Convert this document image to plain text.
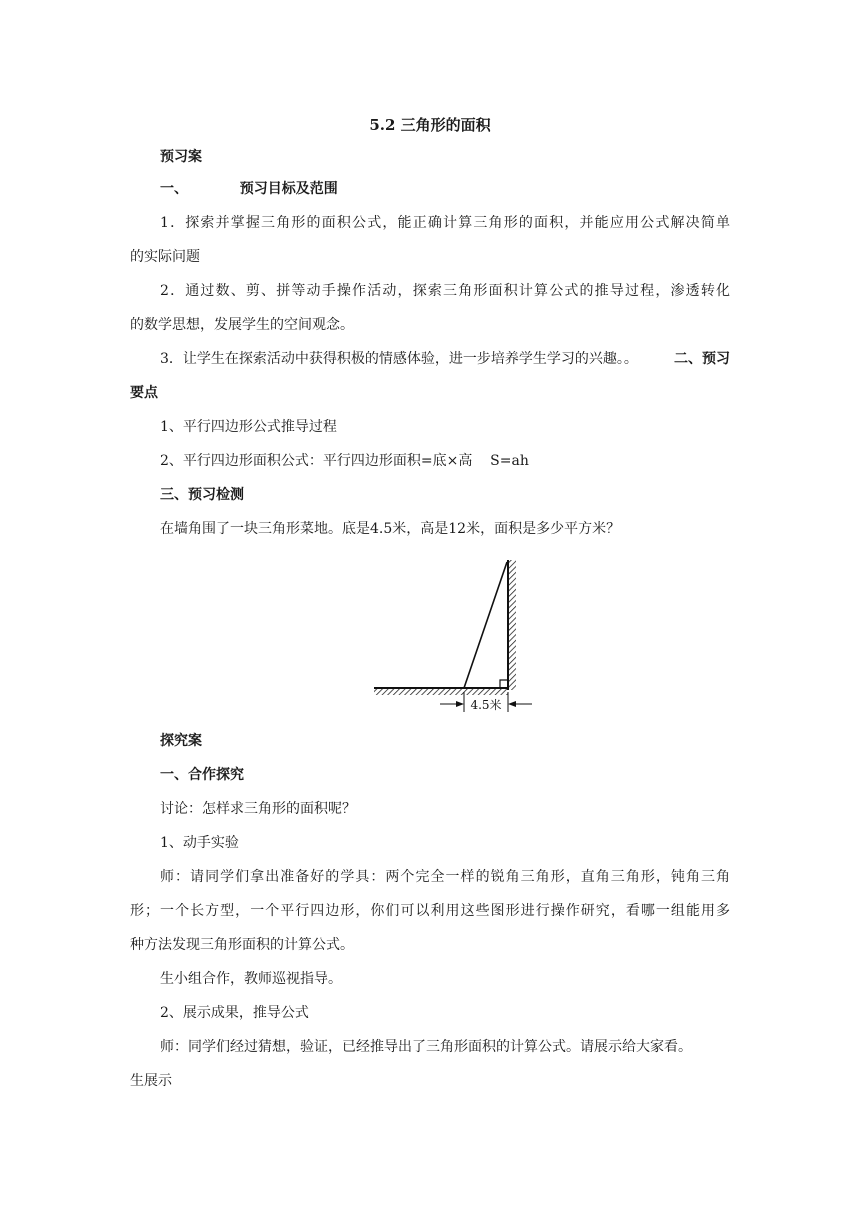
5.2 三角形的面积
预习案
一、	预习目标及范围
1．探索并掌握三角形的面积公式，能正确计算三角形的面积，并能应用公式解决简单
的实际问题
2．通过数、剪、拼等动手操作活动，探索三角形面积计算公式的推导过程，渗透转化
的数学思想，发展学生的空间观念。
3．让学生在探索活动中获得积极的情感体验，进一步培养学生学习的兴趣。。	二、预习
要点
1、平行四边形公式推导过程
2、平行四边形面积公式：平行四边形面积=底×高    S=ah
三、预习检测
在墙角围了一块三角形菜地。底是4.5米，高是12米，面积是多少平方米？
4.5米
探究案
一、合作探究
讨论：怎样求三角形的面积呢？
1、动手实验
师：请同学们拿出准备好的学具：两个完全一样的锐角三角形，直角三角形，钝角三角
形；一个长方型，一个平行四边形，你们可以利用这些图形进行操作研究，看哪一组能用多
种方法发现三角形面积的计算公式。
生小组合作，教师巡视指导。
2、展示成果，推导公式
师：同学们经过猜想，验证，已经推导出了三角形面积的计算公式。请展示给大家看。
生展示
